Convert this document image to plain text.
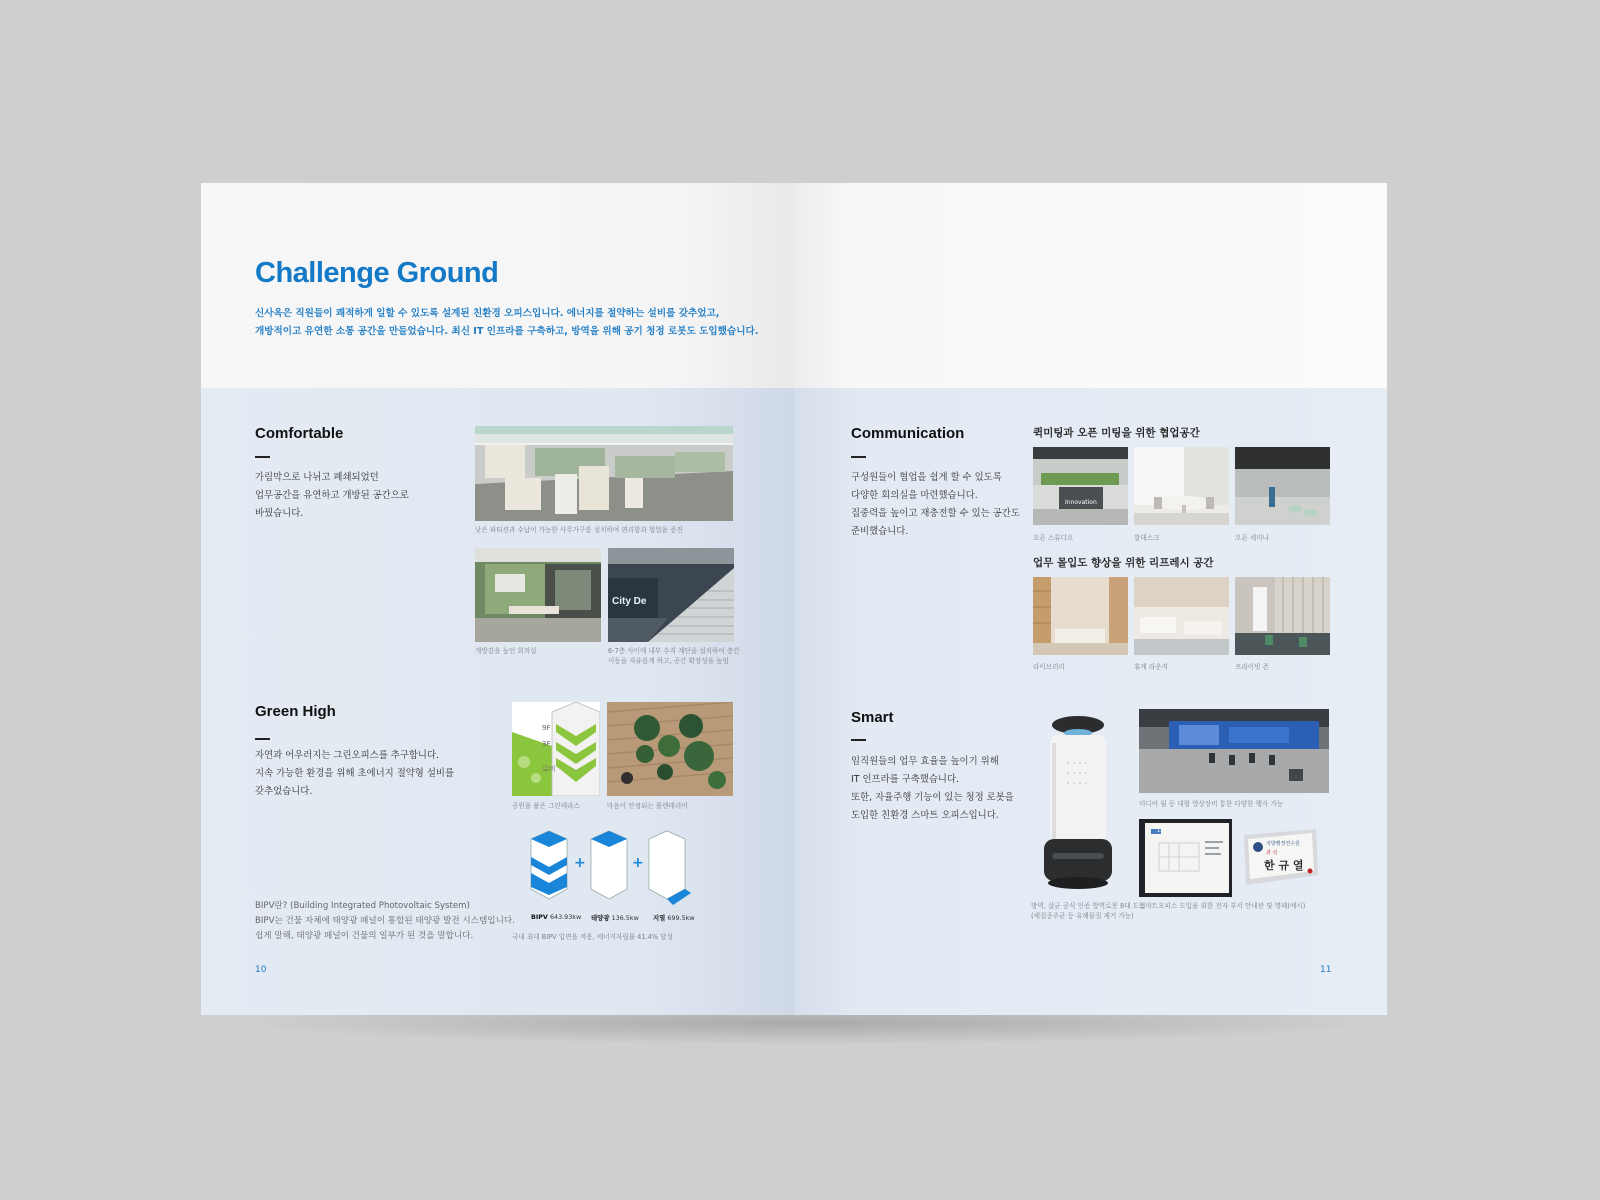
Challenge Ground
신사옥은 직원들이 쾌적하게 일할 수 있도록 설계된 친환경 오피스입니다. 에너지를 절약하는 설비를 갖추었고,
개방적이고 유연한 소통 공간을 만들었습니다. 최신 IT 인프라를 구축하고, 방역을 위해 공기 청정 로봇도 도입했습니다.
Comfortable
가림막으로 나뉘고 폐쇄되었던
업무공간을 유연하고 개방된 공간으로
바꿨습니다.
낮은 파티션과 수납이 가능한 사무가구를 설치하여 편리함과 협업을 증진
개방감을 높인 회의실
City De
6-7층 사이에 내부 수직 계단을 설치하여 층간
이동을 자유롭게 하고, 공간 확장성을 높임
Green High
자연과 어우러지는 그린오피스를 추구합니다.
지속 가능한 환경을 위해 초에너지 절약형 설비를
갖추었습니다.
9F
3F
로비
공원을 품은 그린테라스	마음이 안정되는 플랜테리어
+	+
BIPV 643.93kw 태양광 136.5kw 지열 699.5kw
국내 최대 BIPV 입면을 적용, 에너지자립률 41.4% 달성
BIPV란? (Building Integrated Photovoltaic System)
BIPV는 건물 자체에 태양광 패널이 통합된 태양광 발전 시스템입니다.
쉽게 말해, 태양광 패널이 건물의 일부가 된 것을 말합니다.
10
Communication
구성원들이 협업을 쉽게 할 수 있도록
다양한 회의실을 마련했습니다.
집중력을 높이고 재충전할 수 있는 공간도
준비했습니다.
퀵미팅과 오픈 미팅을 위한 협업공간
Innovation
오픈 스튜디오	핫데스크	오픈 세미나
업무 몰입도 향상을 위한 리프레시 공간
라이브러리	휴게 라운지	프라이빗 존
Smart
임직원들의 업무 효율을 높이기 위해
IT 인프라를 구축했습니다.
또한, 자율주행 기능이 있는 청정 로봇을
도입한 친환경 스마트 오피스입니다.
미디어 월 등 대형 영상장비 통한 다양한 행사 가능
13F
지방행정연수원
과 석
한 규 열
방역, 살균 공식 인증 방역로봇 8대 도입
(세집종주균 등 유해물질 제거 가능)
스마트오피스 도입을 위한 전자 부서 안내판 및 명패(예시)
11
